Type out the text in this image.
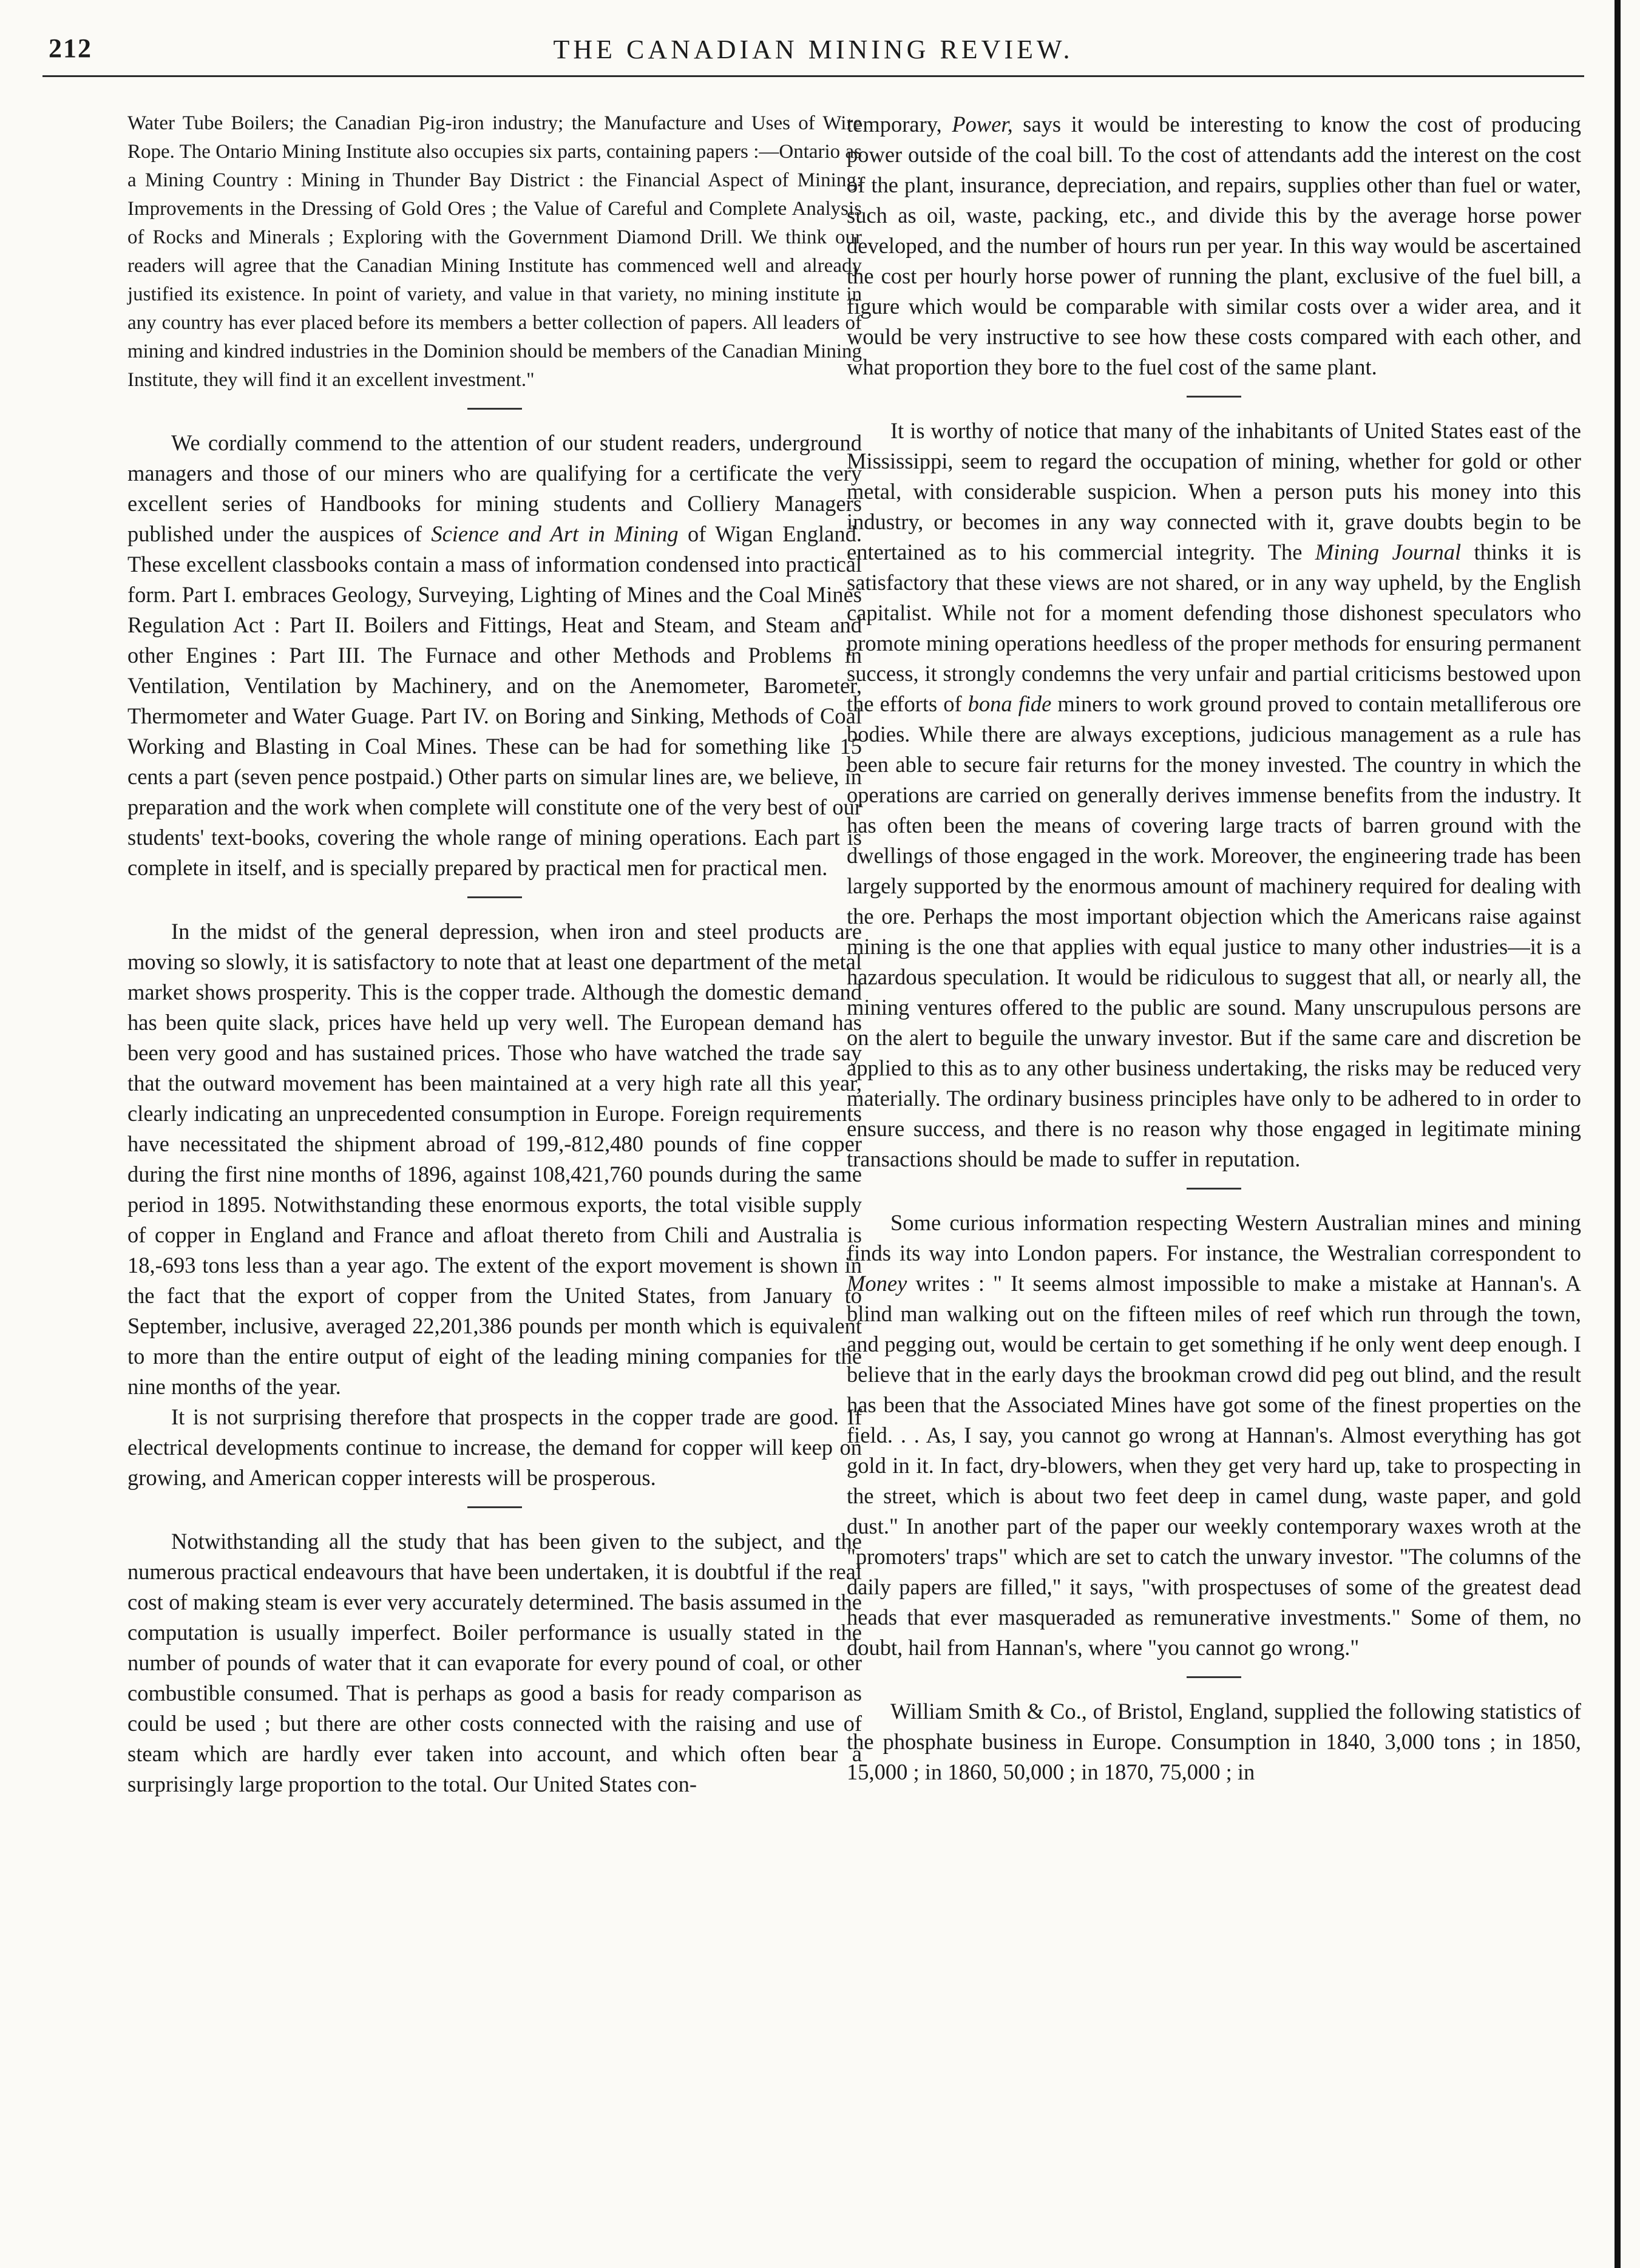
212	THE CANADIAN MINING REVIEW.

Water Tube Boilers; the Canadian Pig-iron industry; the Manufacture and Uses of Wire Rope. The Ontario Mining Institute also occupies six parts, containing papers :—Ontario as a Mining Country : Mining in Thunder Bay District : the Financial Aspect of Mining: Improvements in the Dressing of Gold Ores ; the Value of Careful and Complete Analysis of Rocks and Minerals ; Exploring with the Government Diamond Drill. We think our readers will agree that the Canadian Mining Institute has commenced well and already justified its existence. In point of variety, and value in that variety, no mining institute in any country has ever placed before its members a better collection of papers. All leaders of mining and kindred industries in the Dominion should be members of the Canadian Mining Institute, they will find it an excellent investment."

We cordially commend to the attention of our student readers, underground managers and those of our miners who are qualifying for a certificate the very excellent series of Handbooks for mining students and Colliery Managers published under the auspices of Science and Art in Mining of Wigan England. These excellent classbooks contain a mass of information condensed into practical form. Part I. embraces Geology, Surveying, Lighting of Mines and the Coal Mines Regulation Act : Part II. Boilers and Fittings, Heat and Steam, and Steam and other Engines : Part III. The Furnace and other Methods and Problems in Ventilation, Ventilation by Machinery, and on the Anemometer, Barometer, Thermometer and Water Guage. Part IV. on Boring and Sinking, Methods of Coal Working and Blasting in Coal Mines. These can be had for something like 15 cents a part (seven pence postpaid.) Other parts on simular lines are, we believe, in preparation and the work when complete will constitute one of the very best of our students' text-books, covering the whole range of mining operations. Each part is complete in itself, and is specially prepared by practical men for practical men.

In the midst of the general depression, when iron and steel products are moving so slowly, it is satisfactory to note that at least one department of the metal market shows prosperity. This is the copper trade. Although the domestic demand has been quite slack, prices have held up very well. The European demand has been very good and has sustained prices. Those who have watched the trade say that the outward movement has been maintained at a very high rate all this year, clearly indicating an unprecedented consumption in Europe. Foreign requirements have necessitated the shipment abroad of 199,-812,480 pounds of fine copper during the first nine months of 1896, against 108,421,760 pounds during the same period in 1895. Notwithstanding these enormous exports, the total visible supply of copper in England and France and afloat thereto from Chili and Australia is 18,-693 tons less than a year ago. The extent of the export movement is shown in the fact that the export of copper from the United States, from January to September, inclusive, averaged 22,201,386 pounds per month which is equivalent to more than the entire output of eight of the leading mining companies for the nine months of the year.

It is not surprising therefore that prospects in the copper trade are good. If electrical developments continue to increase, the demand for copper will keep on growing, and American copper interests will be prosperous.

Notwithstanding all the study that has been given to the subject, and the numerous practical endeavours that have been undertaken, it is doubtful if the real cost of making steam is ever very accurately determined. The basis assumed in the computation is usually imperfect. Boiler performance is usually stated in the number of pounds of water that it can evaporate for every pound of coal, or other combustible consumed. That is perhaps as good a basis for ready comparison as could be used ; but there are other costs connected with the raising and use of steam which are hardly ever taken into account, and which often bear a surprisingly large proportion to the total. Our United States con-

temporary, Power, says it would be interesting to know the cost of producing power outside of the coal bill. To the cost of attendants add the interest on the cost of the plant, insurance, depreciation, and repairs, supplies other than fuel or water, such as oil, waste, packing, etc., and divide this by the average horse power developed, and the number of hours run per year. In this way would be ascertained the cost per hourly horse power of running the plant, exclusive of the fuel bill, a figure which would be comparable with similar costs over a wider area, and it would be very instructive to see how these costs compared with each other, and what proportion they bore to the fuel cost of the same plant.

It is worthy of notice that many of the inhabitants of United States east of the Mississippi, seem to regard the occupation of mining, whether for gold or other metal, with considerable suspicion. When a person puts his money into this industry, or becomes in any way connected with it, grave doubts begin to be entertained as to his commercial integrity. The Mining Journal thinks it is satisfactory that these views are not shared, or in any way upheld, by the English capitalist. While not for a moment defending those dishonest speculators who promote mining operations heedless of the proper methods for ensuring permanent success, it strongly condemns the very unfair and partial criticisms bestowed upon the efforts of bona fide miners to work ground proved to contain metalliferous ore bodies. While there are always exceptions, judicious management as a rule has been able to secure fair returns for the money invested. The country in which the operations are carried on generally derives immense benefits from the industry. It has often been the means of covering large tracts of barren ground with the dwellings of those engaged in the work. Moreover, the engineering trade has been largely supported by the enormous amount of machinery required for dealing with the ore. Perhaps the most important objection which the Americans raise against mining is the one that applies with equal justice to many other industries—it is a hazardous speculation. It would be ridiculous to suggest that all, or nearly all, the mining ventures offered to the public are sound. Many unscrupulous persons are on the alert to beguile the unwary investor. But if the same care and discretion be applied to this as to any other business undertaking, the risks may be reduced very materially. The ordinary business principles have only to be adhered to in order to ensure success, and there is no reason why those engaged in legitimate mining transactions should be made to suffer in reputation.

Some curious information respecting Western Australian mines and mining finds its way into London papers. For instance, the Westralian correspondent to Money writes : " It seems almost impossible to make a mistake at Hannan's. A blind man walking out on the fifteen miles of reef which run through the town, and pegging out, would be certain to get something if he only went deep enough. I believe that in the early days the brookman crowd did peg out blind, and the result has been that the Associated Mines have got some of the finest properties on the field. . . As, I say, you cannot go wrong at Hannan's. Almost everything has got gold in it. In fact, dry-blowers, when they get very hard up, take to prospecting in the street, which is about two feet deep in camel dung, waste paper, and gold dust." In another part of the paper our weekly contemporary waxes wroth at the "promoters' traps" which are set to catch the unwary investor. "The columns of the daily papers are filled," it says, "with prospectuses of some of the greatest dead heads that ever masqueraded as remunerative investments." Some of them, no doubt, hail from Hannan's, where "you cannot go wrong."

William Smith & Co., of Bristol, England, supplied the following statistics of the phosphate business in Europe. Consumption in 1840, 3,000 tons ; in 1850, 15,000 ; in 1860, 50,000 ; in 1870, 75,000 ; in
